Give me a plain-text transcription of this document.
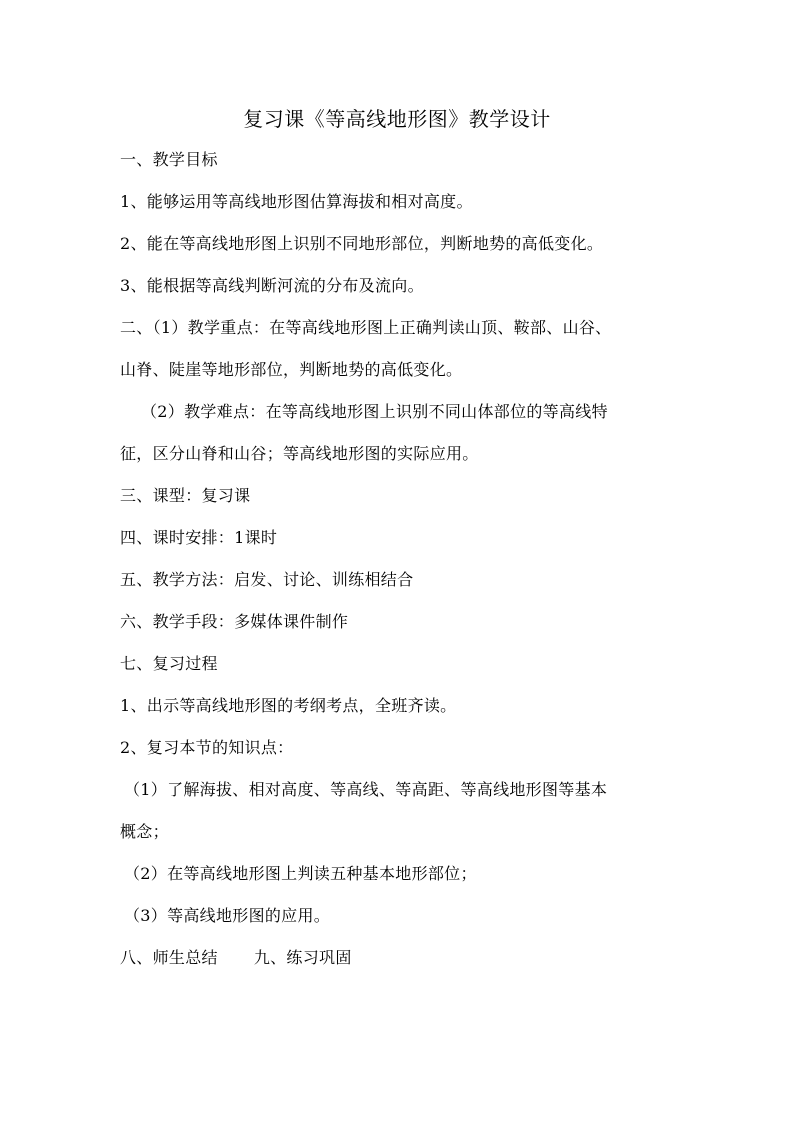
复习课《等高线地形图》教学设计
一、教学目标
1、能够运用等高线地形图估算海拔和相对高度。
2、能在等高线地形图上识别不同地形部位，判断地势的高低变化。
3、能根据等高线判断河流的分布及流向。
二、（1）教学重点：在等高线地形图上正确判读山顶、鞍部、山谷、
山脊、陡崖等地形部位，判断地势的高低变化。
（2）教学难点：在等高线地形图上识别不同山体部位的等高线特
征，区分山脊和山谷；等高线地形图的实际应用。
三、课型：复习课
四、课时安排：1课时
五、教学方法：启发、讨论、训练相结合
六、教学手段：多媒体课件制作
七、复习过程
1、出示等高线地形图的考纲考点，全班齐读。
2、复习本节的知识点：
（1）了解海拔、相对高度、等高线、等高距、等高线地形图等基本
概念；
（2）在等高线地形图上判读五种基本地形部位；
（3）等高线地形图的应用。
八、师生总结 九、练习巩固
